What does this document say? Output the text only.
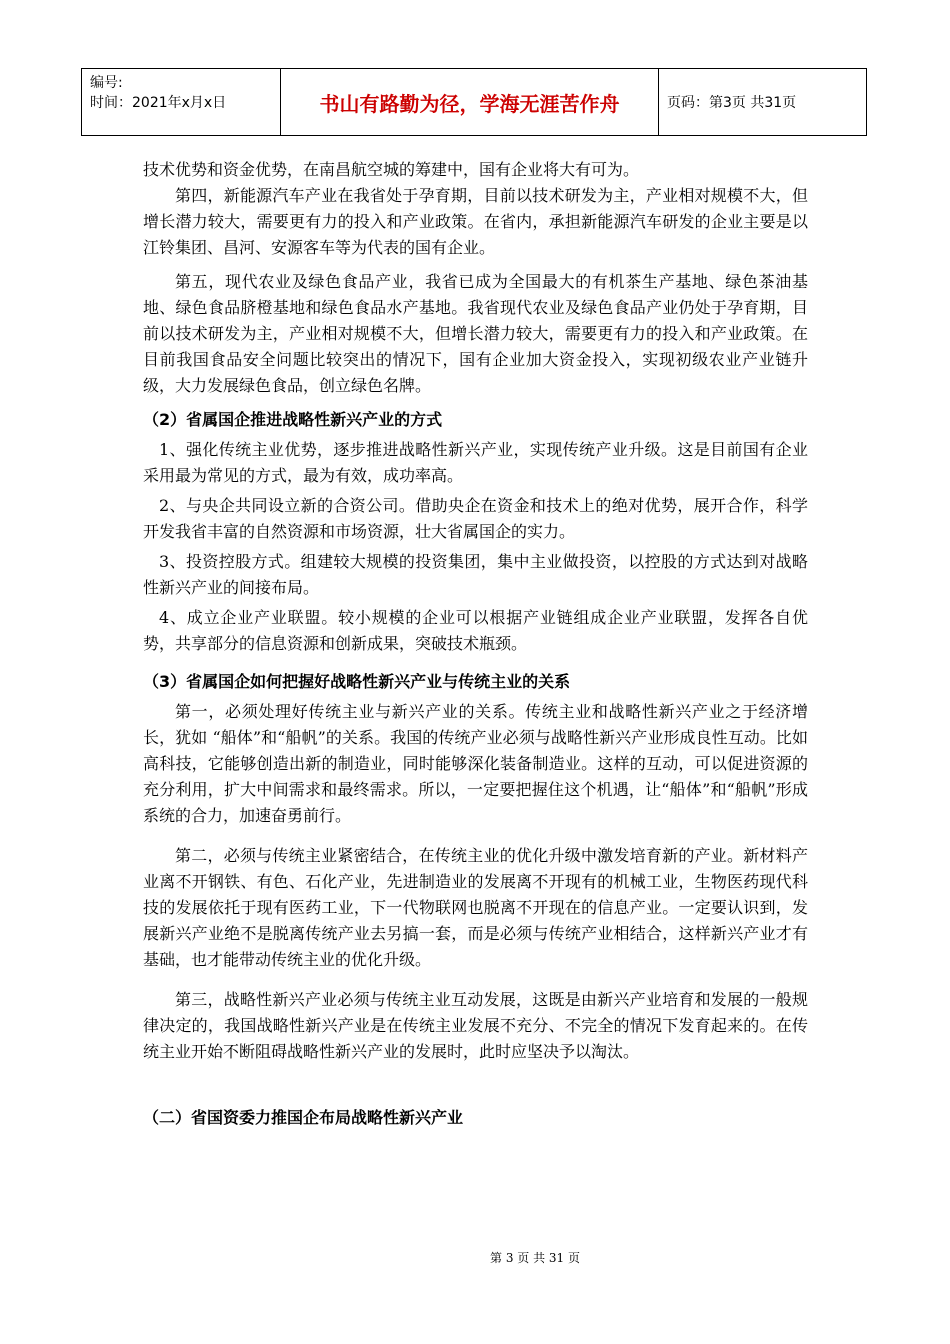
编号:
时间：2021年x月x日	书山有路勤为径，学海无涯苦作舟	页码：第3页 共31页

技术优势和资金优势，在南昌航空城的筹建中，国有企业将大有可为。

第四，新能源汽车产业在我省处于孕育期，目前以技术研发为主，产业相对规模不大，但增长潜力较大，需要更有力的投入和产业政策。在省内，承担新能源汽车研发的企业主要是以江铃集团、昌河、安源客车等为代表的国有企业。

第五，现代农业及绿色食品产业，我省已成为全国最大的有机茶生产基地、绿色茶油基地、绿色食品脐橙基地和绿色食品水产基地。我省现代农业及绿色食品产业仍处于孕育期，目前以技术研发为主，产业相对规模不大，但增长潜力较大，需要更有力的投入和产业政策。在目前我国食品安全问题比较突出的情况下，国有企业加大资金投入，实现初级农业产业链升级，大力发展绿色食品，创立绿色名牌。

（2）省属国企推进战略性新兴产业的方式

1、强化传统主业优势，逐步推进战略性新兴产业，实现传统产业升级。这是目前国有企业采用最为常见的方式，最为有效，成功率高。

2、与央企共同设立新的合资公司。借助央企在资金和技术上的绝对优势，展开合作，科学开发我省丰富的自然资源和市场资源，壮大省属国企的实力。

3、投资控股方式。组建较大规模的投资集团，集中主业做投资，以控股的方式达到对战略性新兴产业的间接布局。

4、成立企业产业联盟。较小规模的企业可以根据产业链组成企业产业联盟，发挥各自优势，共享部分的信息资源和创新成果，突破技术瓶颈。

（3）省属国企如何把握好战略性新兴产业与传统主业的关系

第一，必须处理好传统主业与新兴产业的关系。传统主业和战略性新兴产业之于经济增长，犹如 “船体”和“船帆”的关系。我国的传统产业必须与战略性新兴产业形成良性互动。比如高科技，它能够创造出新的制造业，同时能够深化装备制造业。这样的互动，可以促进资源的充分利用，扩大中间需求和最终需求。所以，一定要把握住这个机遇，让“船体”和“船帆”形成系统的合力，加速奋勇前行。

第二，必须与传统主业紧密结合，在传统主业的优化升级中激发培育新的产业。新材料产业离不开钢铁、有色、石化产业，先进制造业的发展离不开现有的机械工业，生物医药现代科技的发展依托于现有医药工业，下一代物联网也脱离不开现在的信息产业。一定要认识到，发展新兴产业绝不是脱离传统产业去另搞一套，而是必须与传统产业相结合，这样新兴产业才有基础，也才能带动传统主业的优化升级。

第三，战略性新兴产业必须与传统主业互动发展，这既是由新兴产业培育和发展的一般规律决定的，我国战略性新兴产业是在传统主业发展不充分、不完全的情况下发育起来的。在传统主业开始不断阻碍战略性新兴产业的发展时，此时应坚决予以淘汰。

（二）省国资委力推国企布局战略性新兴产业
第 3 页 共 31 页
